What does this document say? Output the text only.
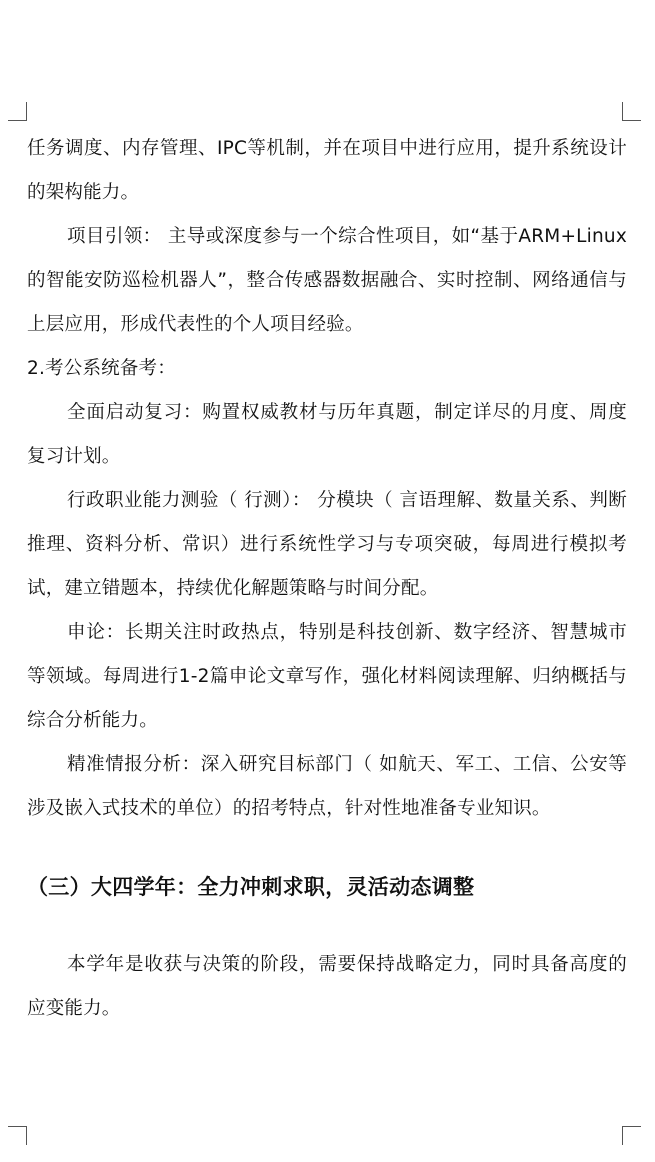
任务调度、内存管理、IPC等机制，并在项目中进行应用，提升系统设计的架构能力。

项目引领： 主导或深度参与一个综合性项目，如“基于ARM+Linux的智能安防巡检机器人”，整合传感器数据融合、实时控制、网络通信与上层应用，形成代表性的个人项目经验。

2.考公系统备考：

全面启动复习：购置权威教材与历年真题，制定详尽的月度、周度复习计划。

行政职业能力测验（ 行测）： 分模块（ 言语理解、数量关系、判断推理、资料分析、常识）进行系统性学习与专项突破，每周进行模拟考试，建立错题本，持续优化解题策略与时间分配。

申论：长期关注时政热点，特别是科技创新、数字经济、智慧城市等领域。每周进行1-2篇申论文章写作，强化材料阅读理解、归纳概括与综合分析能力。

精准情报分析：深入研究目标部门（ 如航天、军工、工信、公安等涉及嵌入式技术的单位）的招考特点，针对性地准备专业知识。

（三）大四学年：全力冲刺求职，灵活动态调整

本学年是收获与决策的阶段，需要保持战略定力，同时具备高度的应变能力。
